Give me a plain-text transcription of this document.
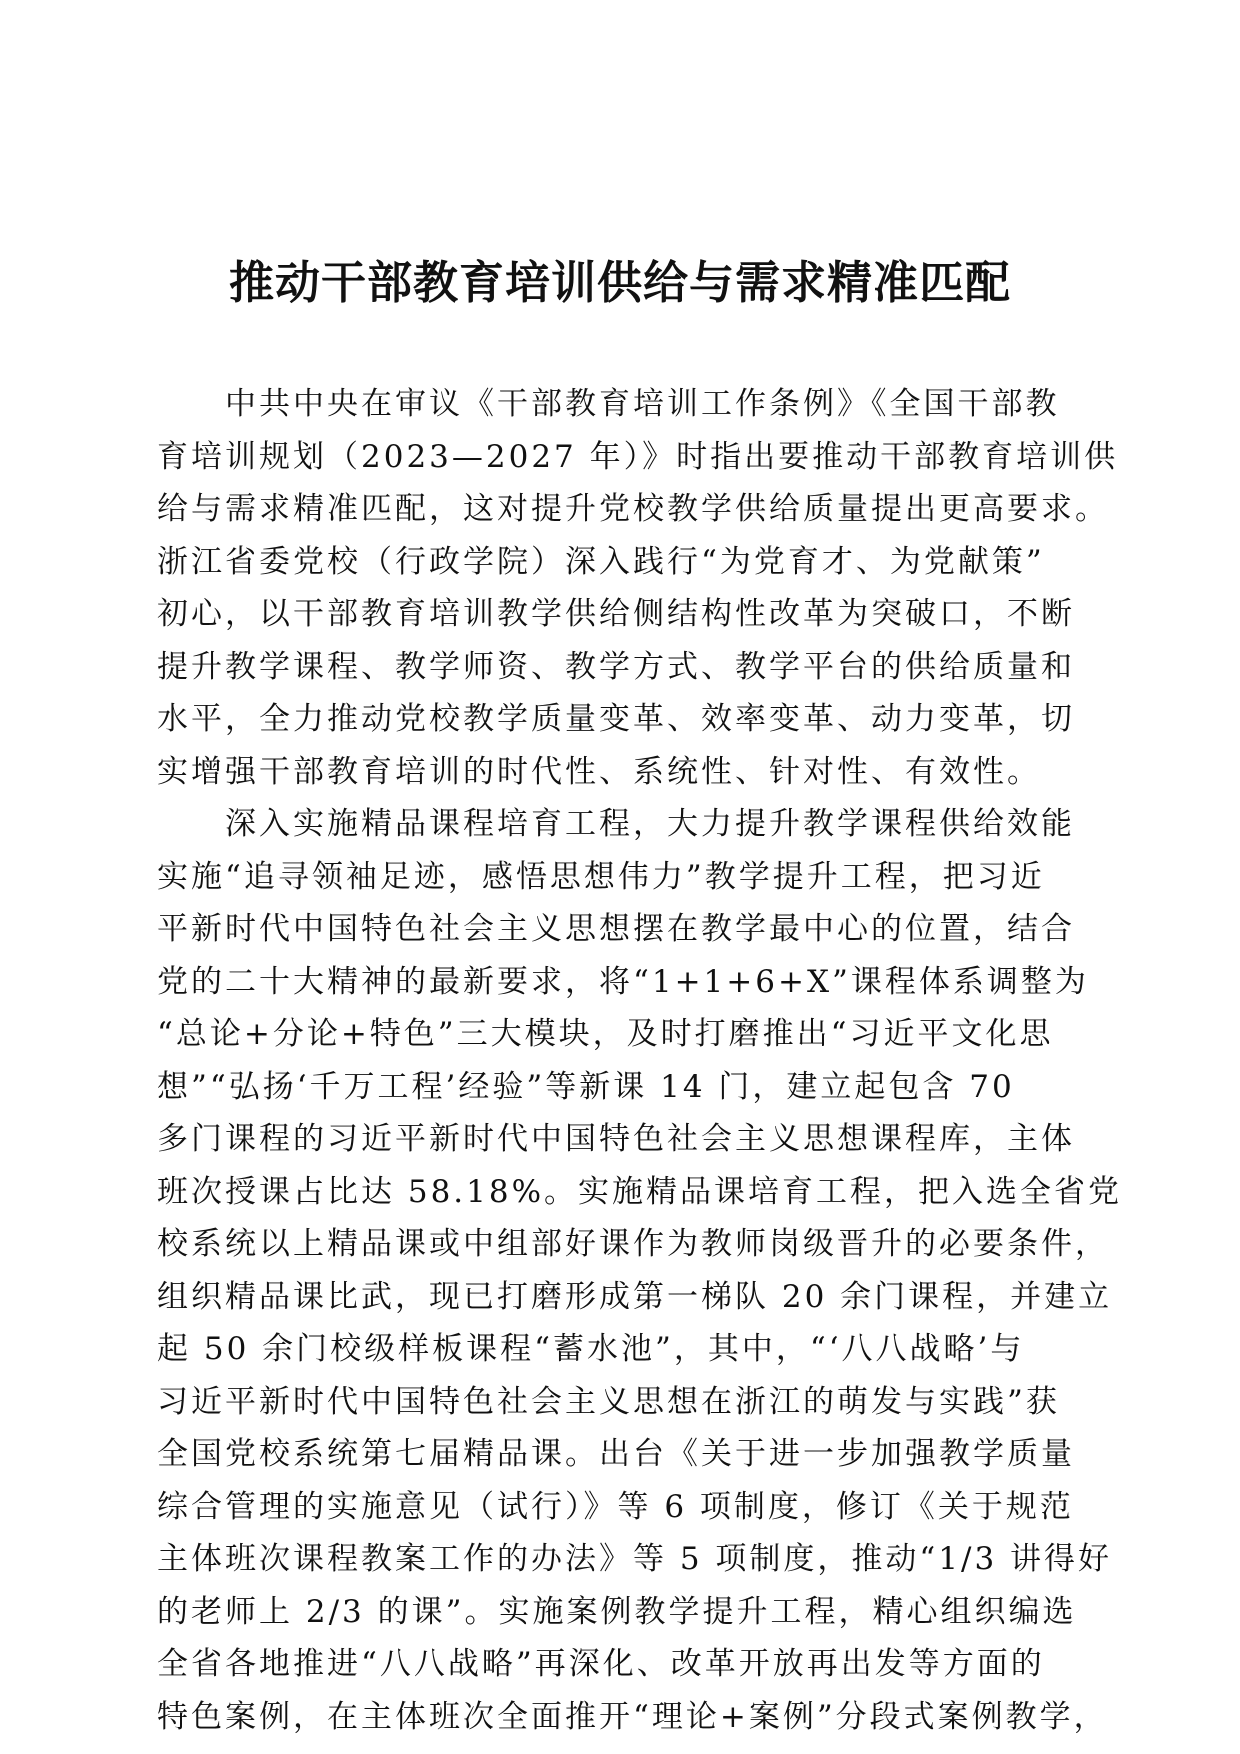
推动干部教育培训供给与需求精准匹配
中共中央在审议《干部教育培训工作条例》《全国干部教
育培训规划（2023—2027 年）》时指出要推动干部教育培训供
给与需求精准匹配，这对提升党校教学供给质量提出更高要求。
浙江省委党校（行政学院）深入践行“为党育才、为党献策”
初心，以干部教育培训教学供给侧结构性改革为突破口，不断
提升教学课程、教学师资、教学方式、教学平台的供给质量和
水平，全力推动党校教学质量变革、效率变革、动力变革，切
实增强干部教育培训的时代性、系统性、针对性、有效性。
深入实施精品课程培育工程，大力提升教学课程供给效能
实施“追寻领袖足迹，感悟思想伟力”教学提升工程，把习近
平新时代中国特色社会主义思想摆在教学最中心的位置，结合
党的二十大精神的最新要求，将“1+1+6+X”课程体系调整为
“总论+分论+特色”三大模块，及时打磨推出“习近平文化思
想”“弘扬‘千万工程’经验”等新课 14 门，建立起包含 70
多门课程的习近平新时代中国特色社会主义思想课程库，主体
班次授课占比达 58.18%。实施精品课培育工程，把入选全省党
校系统以上精品课或中组部好课作为教师岗级晋升的必要条件，
组织精品课比武，现已打磨形成第一梯队 20 余门课程，并建立
起 50 余门校级样板课程“蓄水池”，其中，“‘八八战略’与
习近平新时代中国特色社会主义思想在浙江的萌发与实践”获
全国党校系统第七届精品课。出台《关于进一步加强教学质量
综合管理的实施意见（试行）》等 6 项制度，修订《关于规范
主体班次课程教案工作的办法》等 5 项制度，推动“1/3 讲得好
的老师上 2/3 的课”。实施案例教学提升工程，精心组织编选
全省各地推进“八八战略”再深化、改革开放再出发等方面的
特色案例，在主体班次全面推开“理论+案例”分段式案例教学，
